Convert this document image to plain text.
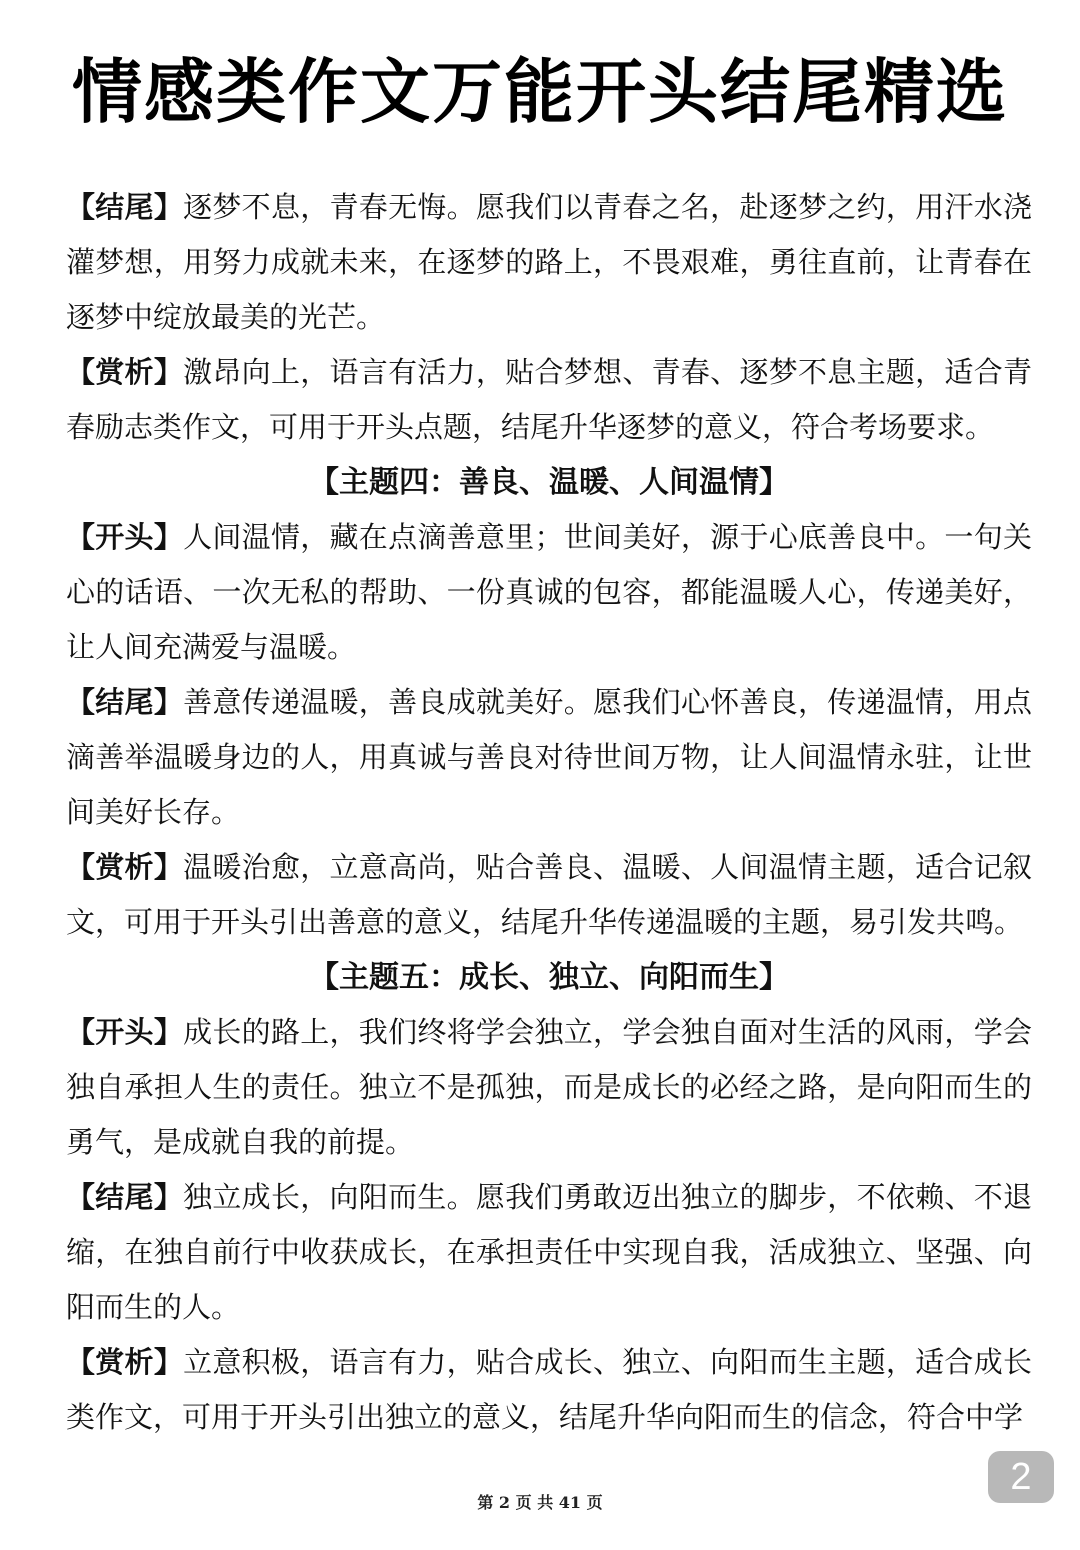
情感类作文万能开头结尾精选

【结尾】逐梦不息，青春无悔。愿我们以青春之名，赴逐梦之约，用汗水浇灌梦想，用努力成就未来，在逐梦的路上，不畏艰难，勇往直前，让青春在逐梦中绽放最美的光芒。

【赏析】激昂向上，语言有活力，贴合梦想、青春、逐梦不息主题，适合青春励志类作文，可用于开头点题，结尾升华逐梦的意义，符合考场要求。

【主题四：善良、温暖、人间温情】

【开头】人间温情，藏在点滴善意里；世间美好，源于心底善良中。一句关心的话语、一次无私的帮助、一份真诚的包容，都能温暖人心，传递美好，让人间充满爱与温暖。

【结尾】善意传递温暖，善良成就美好。愿我们心怀善良，传递温情，用点滴善举温暖身边的人，用真诚与善良对待世间万物，让人间温情永驻，让世间美好长存。

【赏析】温暖治愈，立意高尚，贴合善良、温暖、人间温情主题，适合记叙文，可用于开头引出善意的意义，结尾升华传递温暖的主题，易引发共鸣。

【主题五：成长、独立、向阳而生】

【开头】成长的路上，我们终将学会独立，学会独自面对生活的风雨，学会独自承担人生的责任。独立不是孤独，而是成长的必经之路，是向阳而生的勇气，是成就自我的前提。

【结尾】独立成长，向阳而生。愿我们勇敢迈出独立的脚步，不依赖、不退缩，在独自前行中收获成长，在承担责任中实现自我，活成独立、坚强、向阳而生的人。

【赏析】立意积极，语言有力，贴合成长、独立、向阳而生主题，适合成长类作文，可用于开头引出独立的意义，结尾升华向阳而生的信念，符合中学

第 2 页 共 41 页
2
